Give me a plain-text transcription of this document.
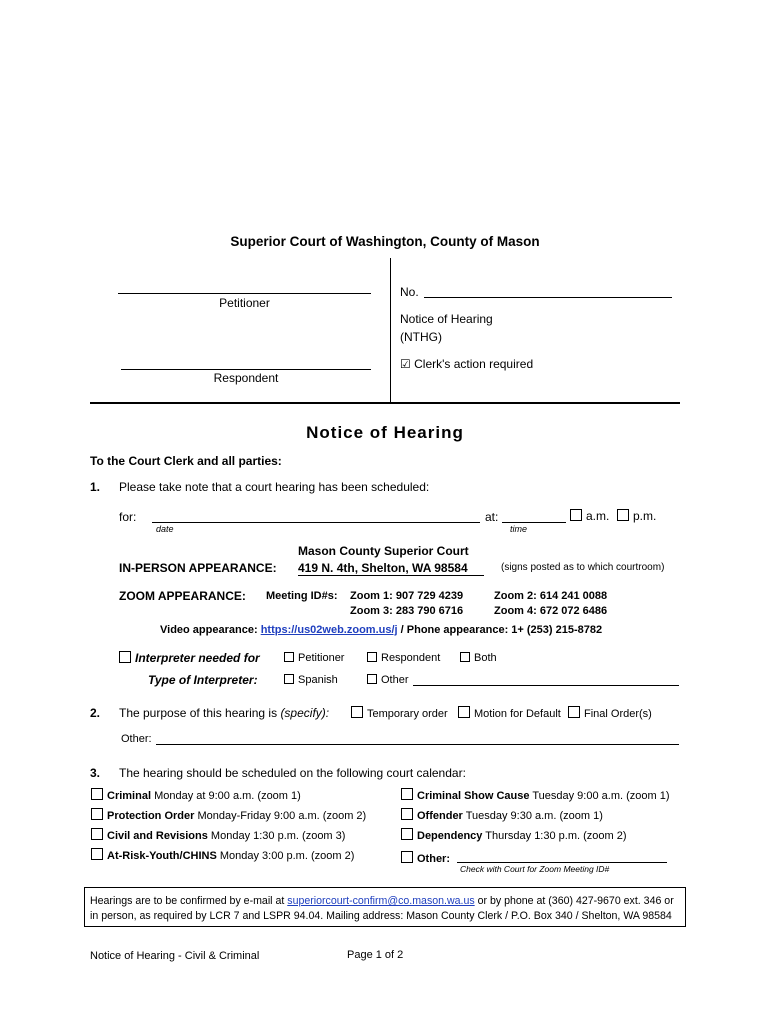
Superior Court of Washington, County of Mason
Petitioner
Respondent
No.
Notice of Hearing
(NTHG)
☑ Clerk's action required
Notice of Hearing
To the Court Clerk and all parties:
1. Please take note that a court hearing has been scheduled:
for:
date
at:
time
a.m.	p.m.
Mason County Superior Court
IN-PERSON APPEARANCE: 419 N. 4th, Shelton, WA 98584	(signs posted as to which courtroom)
ZOOM APPEARANCE: Meeting ID#s: Zoom 1: 907 729 4239	Zoom 2: 614 241 0088
Zoom 3: 283 790 6716	Zoom 4: 672 072 6486
Video appearance: https://us02web.zoom.us/j / Phone appearance: 1+ (253) 215-8782
Interpreter needed for	Petitioner	Respondent	Both
Type of Interpreter:	Spanish	Other
2. The purpose of this hearing is (specify):	Temporary order	Motion for Default	Final Order(s)
Other:
3. The hearing should be scheduled on the following court calendar:
Criminal Monday at 9:00 a.m. (zoom 1)
Protection Order Monday-Friday 9:00 a.m. (zoom 2)
Civil and Revisions Monday 1:30 p.m. (zoom 3)
At-Risk-Youth/CHINS Monday 3:00 p.m. (zoom 2)
Criminal Show Cause Tuesday 9:00 a.m. (zoom 1)
Offender Tuesday 9:30 a.m. (zoom 1)
Dependency Thursday 1:30 p.m. (zoom 2)
Other:
Check with Court for Zoom Meeting ID#
Hearings are to be confirmed by e-mail at superiorcourt-confirm@co.mason.wa.us or by phone at (360) 427-9670 ext. 346 or in person, as required by LCR 7 and LSPR 94.04. Mailing address: Mason County Clerk / P.O. Box 340 / Shelton, WA 98584
Notice of Hearing - Civil & Criminal	Page 1 of 2
